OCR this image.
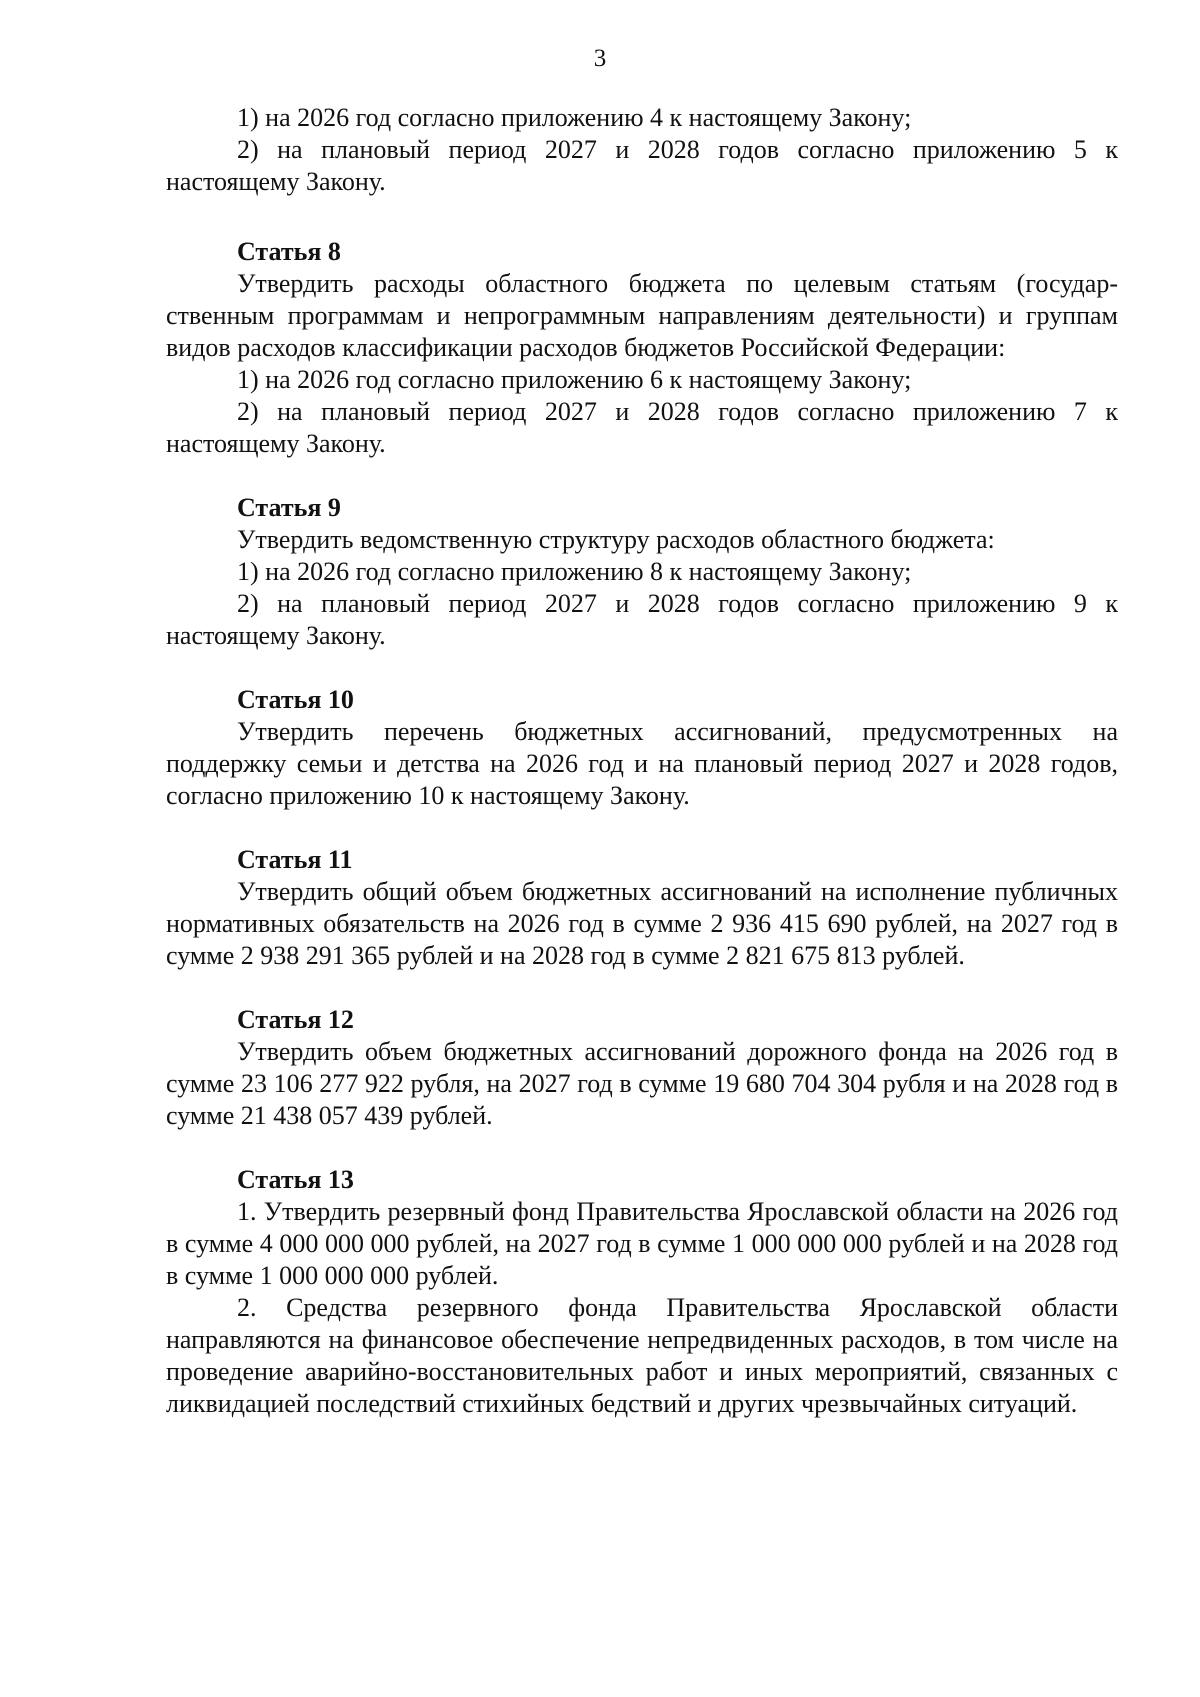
3

1) на 2026 год согласно приложению 4 к настоящему Закону;

2) на плановый период 2027 и 2028 годов согласно приложению 5 к настоящему Закону.

Статья 8

Утвердить расходы областного бюджета по целевым статьям (государственным программам и непрограммным направлениям деятельности) и группам видов расходов классификации расходов бюджетов Российской Федерации:

1) на 2026 год согласно приложению 6 к настоящему Закону;

2) на плановый период 2027 и 2028 годов согласно приложению 7 к настоящему Закону.

Статья 9

Утвердить ведомственную структуру расходов областного бюджета:

1) на 2026 год согласно приложению 8 к настоящему Закону;

2) на плановый период 2027 и 2028 годов согласно приложению 9 к настоящему Закону.

Статья 10

Утвердить перечень бюджетных ассигнований, предусмотренных на поддержку семьи и детства на 2026 год и на плановый период 2027 и 2028 годов, согласно приложению 10 к настоящему Закону.

Статья 11

Утвердить общий объем бюджетных ассигнований на исполнение публичных нормативных обязательств на 2026 год в сумме 2 936 415 690 рублей, на 2027 год в сумме 2 938 291 365 рублей и на 2028 год в сумме 2 821 675 813 рублей.

Статья 12

Утвердить объем бюджетных ассигнований дорожного фонда на 2026 год в сумме 23 106 277 922 рубля, на 2027 год в сумме 19 680 704 304 рубля и на 2028 год в сумме 21 438 057 439 рублей.

Статья 13

1. Утвердить резервный фонд Правительства Ярославской области на 2026 год в сумме 4 000 000 000 рублей, на 2027 год в сумме 1 000 000 000 рублей и на 2028 год в сумме 1 000 000 000 рублей.

2. Средства резервного фонда Правительства Ярославской области направляются на финансовое обеспечение непредвиденных расходов, в том числе на проведение аварийно-восстановительных работ и иных мероприятий, связанных с ликвидацией последствий стихийных бедствий и других чрезвычайных ситуаций.
